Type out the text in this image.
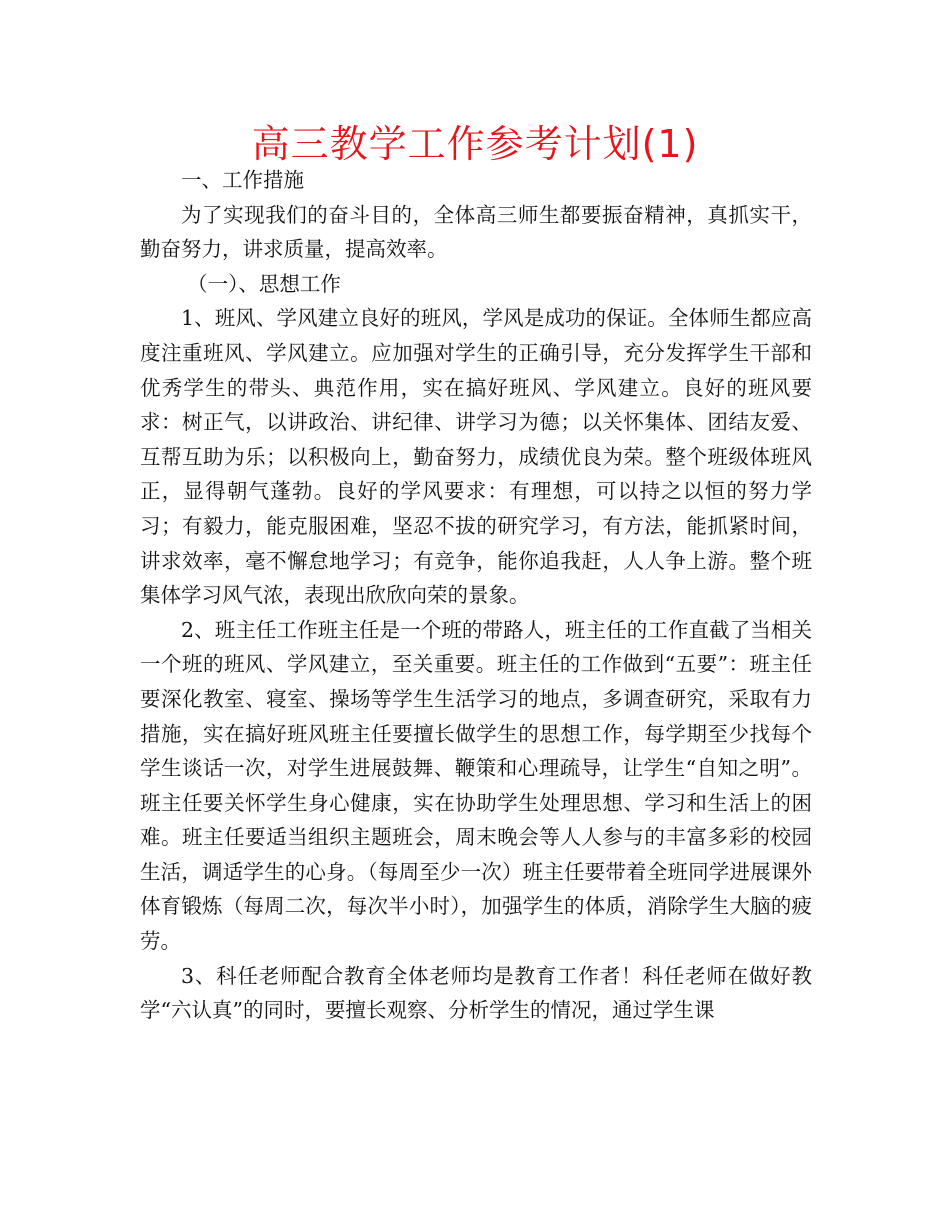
高三教学工作参考计划(1)

一、工作措施

为了实现我们的奋斗目的，全体高三师生都要振奋精神，真抓实干，勤奋努力，讲求质量，提高效率。

（一）、思想工作

1、班风、学风建立良好的班风，学风是成功的保证。全体师生都应高度注重班风、学风建立。应加强对学生的正确引导，充分发挥学生干部和优秀学生的带头、典范作用，实在搞好班风、学风建立。良好的班风要求：树正气，以讲政治、讲纪律、讲学习为德；以关怀集体、团结友爱、互帮互助为乐；以积极向上，勤奋努力，成绩优良为荣。整个班级体班风正，显得朝气蓬勃。良好的学风要求：有理想，可以持之以恒的努力学习；有毅力，能克服困难，坚忍不拔的研究学习，有方法，能抓紧时间，讲求效率，毫不懈怠地学习；有竞争，能你追我赶，人人争上游。整个班集体学习风气浓，表现出欣欣向荣的景象。

2、班主任工作班主任是一个班的带路人，班主任的工作直截了当相关一个班的班风、学风建立，至关重要。班主任的工作做到“五要”：班主任要深化教室、寝室、操场等学生生活学习的地点，多调查研究，采取有力措施，实在搞好班风班主任要擅长做学生的思想工作，每学期至少找每个学生谈话一次，对学生进展鼓舞、鞭策和心理疏导，让学生“自知之明”。班主任要关怀学生身心健康，实在协助学生处理思想、学习和生活上的困难。班主任要适当组织主题班会，周末晚会等人人参与的丰富多彩的校园生活，调适学生的心身。（每周至少一次）班主任要带着全班同学进展课外体育锻炼（每周二次，每次半小时），加强学生的体质，消除学生大脑的疲劳。

3、科任老师配合教育全体老师均是教育工作者！科任老师在做好教学“六认真”的同时，要擅长观察、分析学生的情况，通过学生课
